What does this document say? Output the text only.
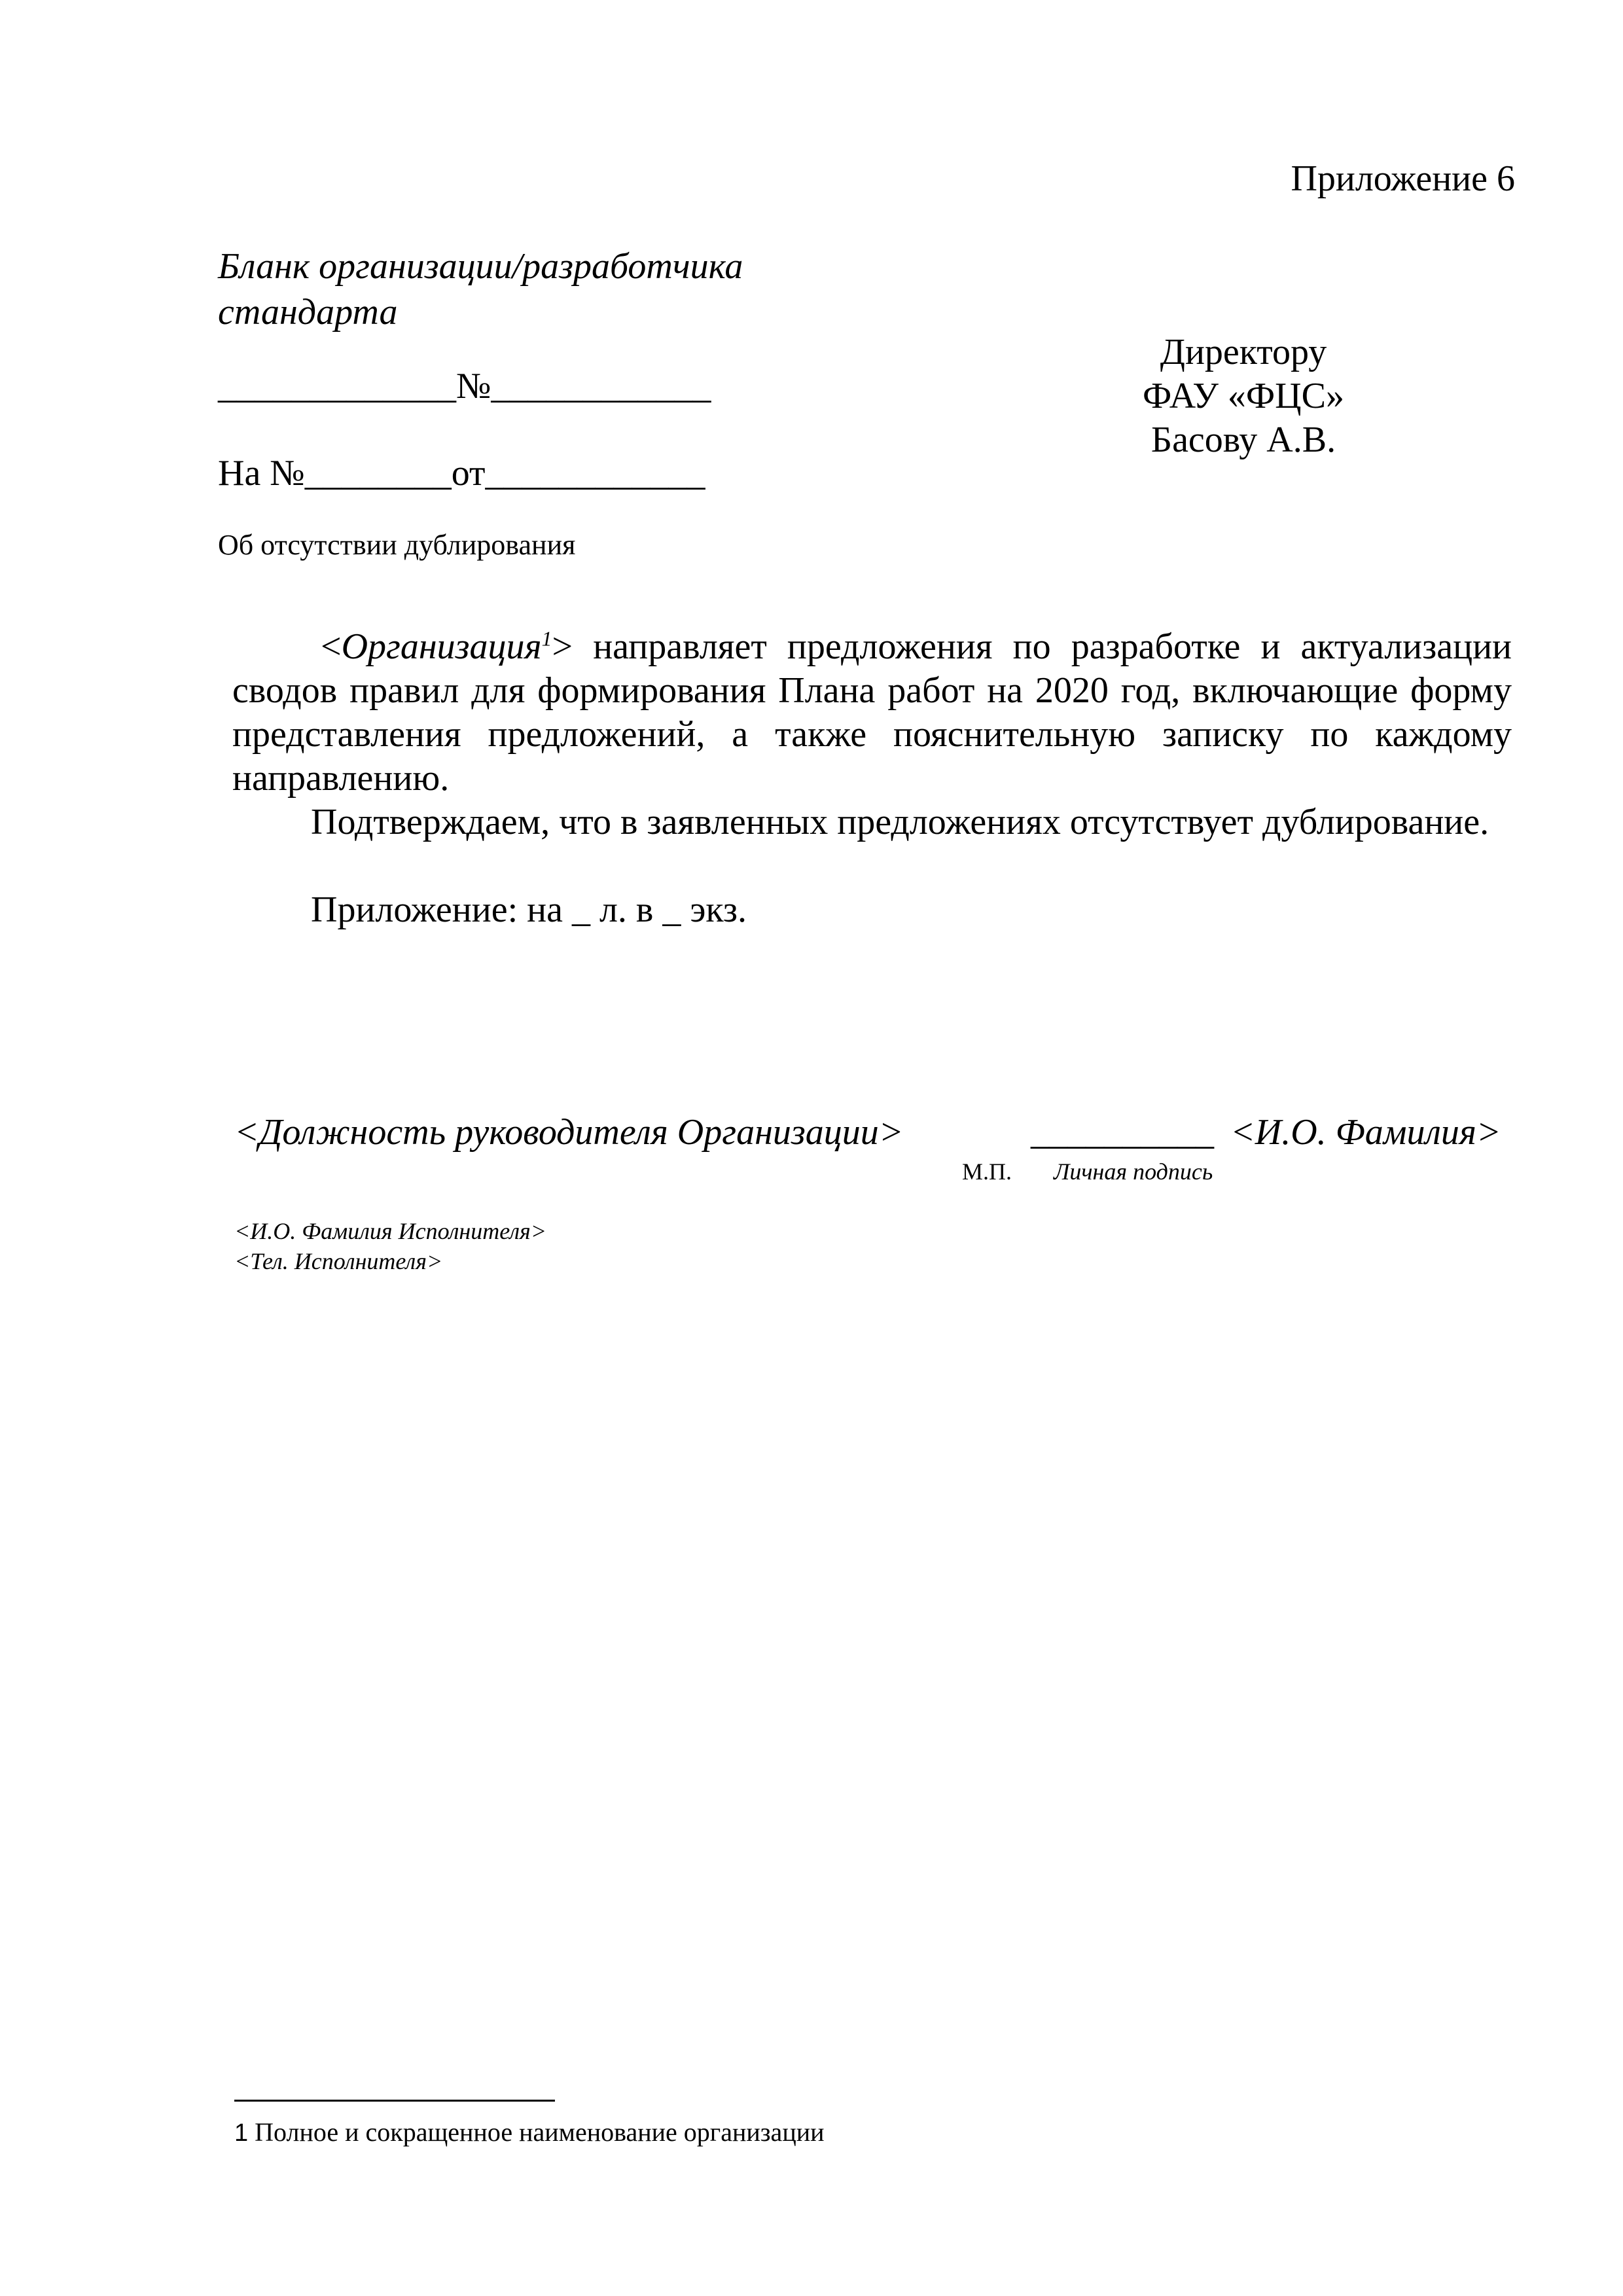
Приложение 6
Бланк организации/разработчика
стандарта
_____________№____________
На №________от____________
Директору
ФАУ «ФЦС»
Басову А.В.
Об отсутствии дублирования

<Организация$^1$> направляет предложения по разработке и актуализации сводов правил для формирования Плана работ на 2020 год, включающие форму представления предложений, а также пояснительную записку по каждому направлению.

Подтверждаем, что в заявленных предложениях отсутствует дублирование.

Приложение: на _ л. в _ экз.

<Должность руководителя Организации>	__________ <И.О. Фамилия>
М.П. Личная подпись
<И.О. Фамилия Исполнителя>
<Тел. Исполнителя>
1 Полное и сокращенное наименование организации
